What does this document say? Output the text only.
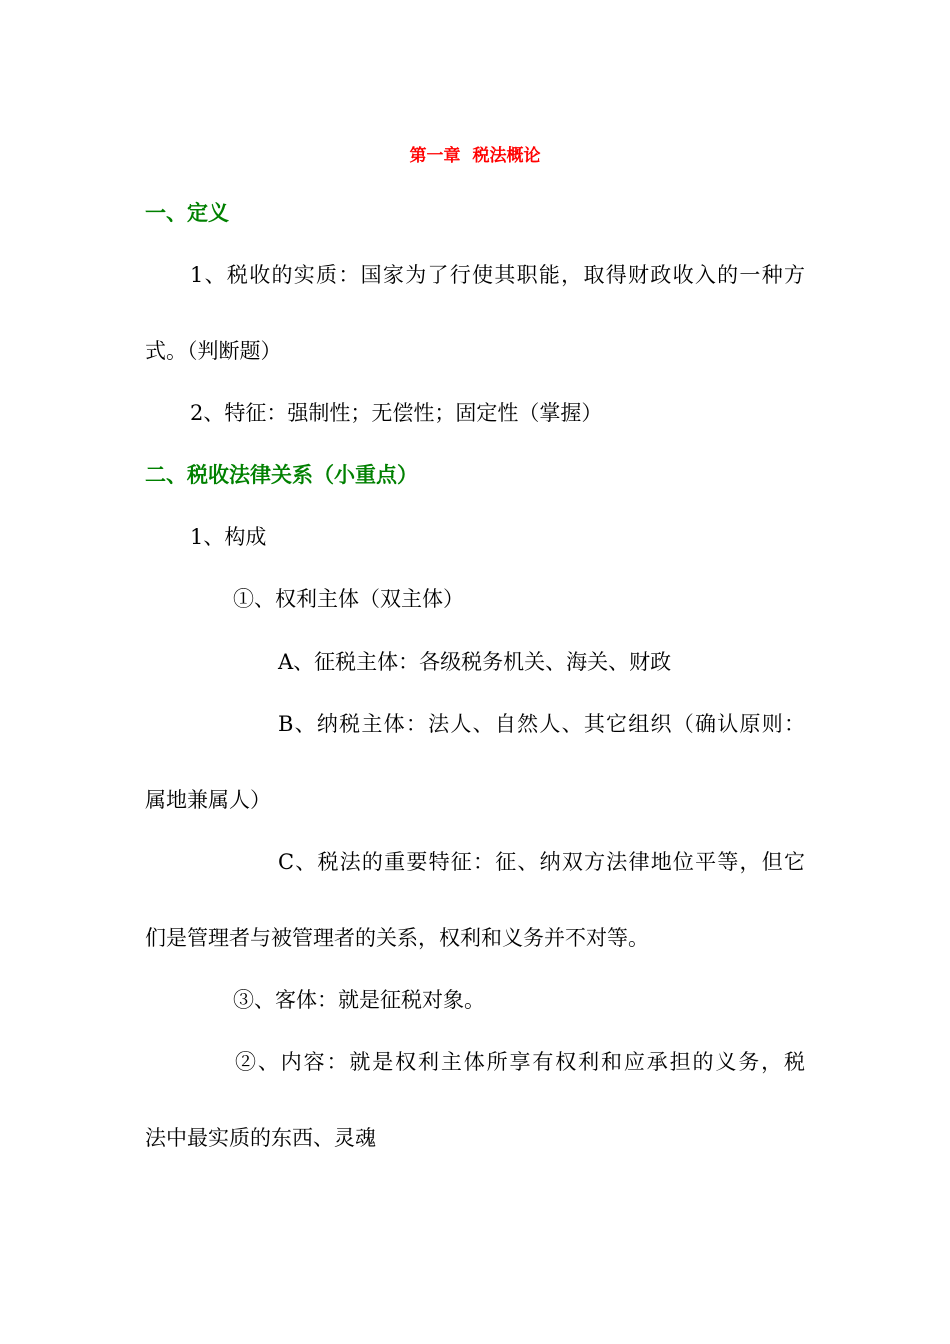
第一章 税法概论
一、定义
1、税收的实质：国家为了行使其职能，取得财政收入的一种方
式。（判断题）
2、特征：强制性；无偿性；固定性（掌握）
二、税收法律关系（小重点）
1、构成
①、权利主体（双主体）
A、征税主体：各级税务机关、海关、财政
B、纳税主体：法人、自然人、其它组织（确认原则：
属地兼属人）
C、税法的重要特征：征、纳双方法律地位平等，但它
们是管理者与被管理者的关系，权利和义务并不对等。
③、客体：就是征税对象。
②、内容：就是权利主体所享有权利和应承担的义务，税
法中最实质的东西、灵魂
